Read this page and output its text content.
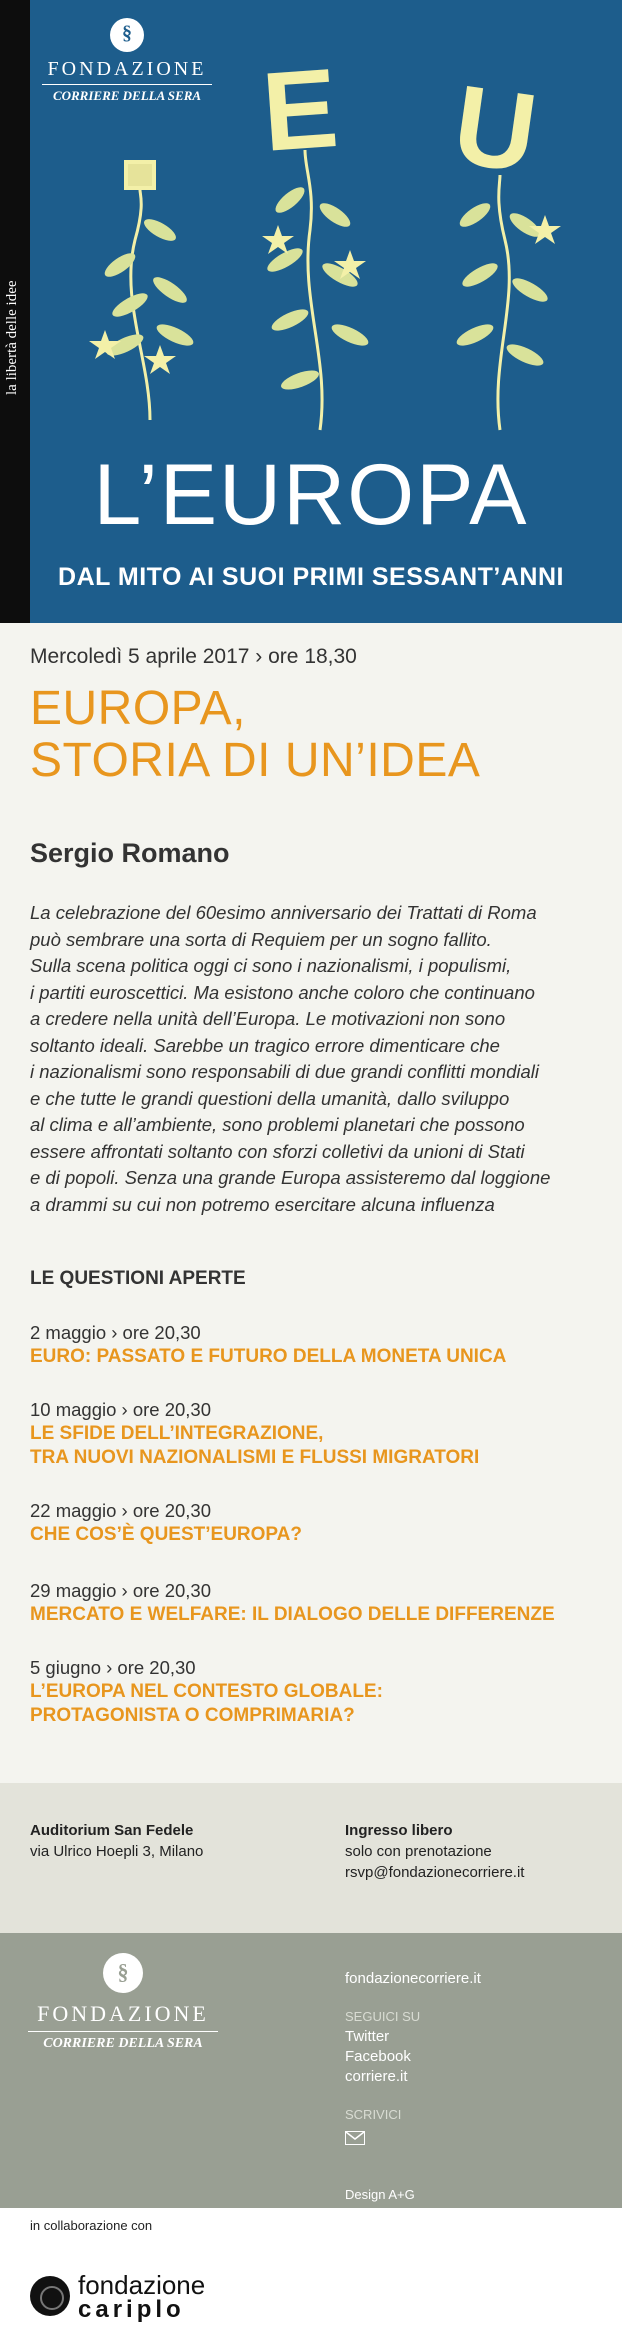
la libertà delle idee
§
FONDAZIONE
CORRIERE DELLA SERA E U
L’EUROPA
DAL MITO AI SUOI PRIMI SESSANT’ANNI
Mercoledì 5 aprile 2017 › ore 18,30
EUROPA,
STORIA DI UN’IDEA
Sergio Romano
La celebrazione del 60esimo anniversario dei Trattati di Roma
può sembrare una sorta di Requiem per un sogno fallito.
Sulla scena politica oggi ci sono i nazionalismi, i populismi,
i partiti euroscettici. Ma esistono anche coloro che continuano
a credere nella unità dell’Europa. Le motivazioni non sono
soltanto ideali. Sarebbe un tragico errore dimenticare che
i nazionalismi sono responsabili di due grandi conflitti mondiali
e che tutte le grandi questioni della umanità, dallo sviluppo
al clima e all’ambiente, sono problemi planetari che possono
essere affrontati soltanto con sforzi colletivi da unioni di Stati
e di popoli. Senza una grande Europa assisteremo dal loggione
a drammi su cui non potremo esercitare alcuna influenza
LE QUESTIONI APERTE
2 maggio › ore 20,30
EURO: PASSATO E FUTURO DELLA MONETA UNICA
10 maggio › ore 20,30
LE SFIDE DELL’INTEGRAZIONE,
TRA NUOVI NAZIONALISMI E FLUSSI MIGRATORI
22 maggio › ore 20,30
CHE COS’È QUEST’EUROPA?
29 maggio › ore 20,30
MERCATO E WELFARE: IL DIALOGO DELLE DIFFERENZE
5 giugno › ore 20,30
L’EUROPA NEL CONTESTO GLOBALE:
PROTAGONISTA O COMPRIMARIA?
Auditorium San Fedele
via Ulrico Hoepli 3, Milano
Ingresso libero
solo con prenotazione
rsvp@fondazionecorriere.it
§
FONDAZIONE
CORRIERE DELLA SERA
fondazionecorriere.it
SEGUICI SU
Twitter
Facebook
corriere.it
SCRIVICI
Design A+G
in collaborazione con
fondazione
cariplo
